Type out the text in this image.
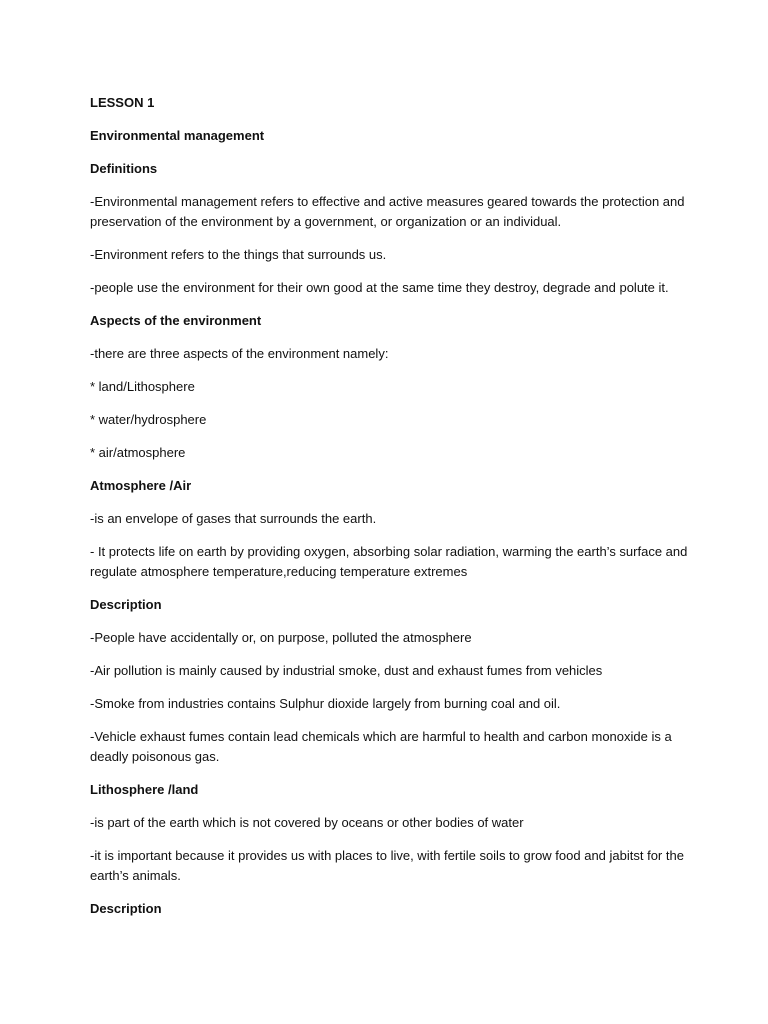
LESSON 1

Environmental management

Definitions

-Environmental management refers to effective and active measures geared towards the protection and preservation of the environment by a government, or organization or an individual.

-Environment refers to the things that surrounds us.

-people use the environment for their own good at the same time they destroy, degrade and polute it.

Aspects of the environment

-there are three aspects of the environment namely:

* land/Lithosphere

* water/hydrosphere

* air/atmosphere

Atmosphere /Air

-is an envelope of gases that surrounds the earth.

- It protects life on earth by providing oxygen, absorbing solar radiation, warming the earth’s surface and regulate atmosphere temperature,reducing temperature extremes

Description

-People have accidentally or, on purpose, polluted the atmosphere

-Air pollution is mainly caused by industrial smoke, dust and exhaust fumes from vehicles

-Smoke from industries contains Sulphur dioxide largely from burning coal and oil.

-Vehicle exhaust fumes contain lead chemicals which are harmful to health and carbon monoxide is a deadly poisonous gas.

Lithosphere /land

-is part of the earth which is not covered by oceans or other bodies of water

-it is important because it provides us with places to live, with fertile soils to grow food and jabitst for the earth’s animals.

Description
